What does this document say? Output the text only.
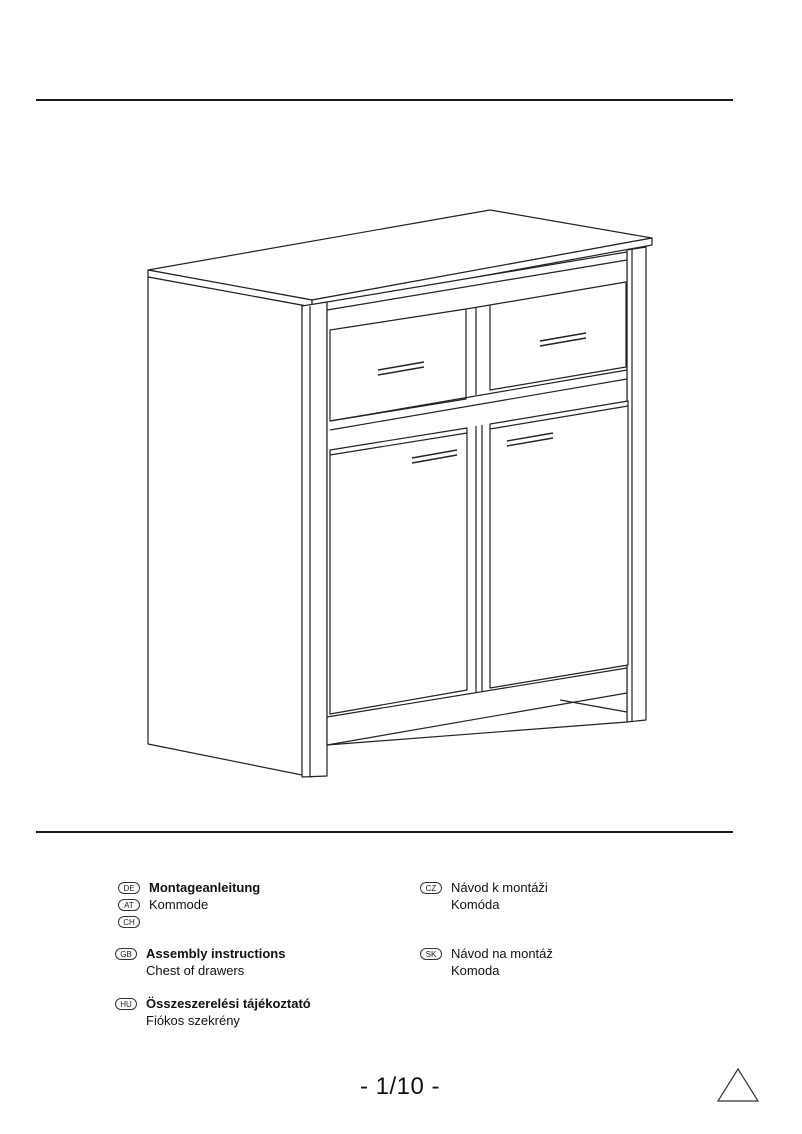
DE	Montageanleitung
AT	Kommode
CH
GB	Assembly instructions
Chest of drawers
HU	Összeszerelési tájékoztató
Fiókos szekrény
CZ	Návod k montáži
Komóda
SK	Návod na montáž
Komoda
- 1/10 -
